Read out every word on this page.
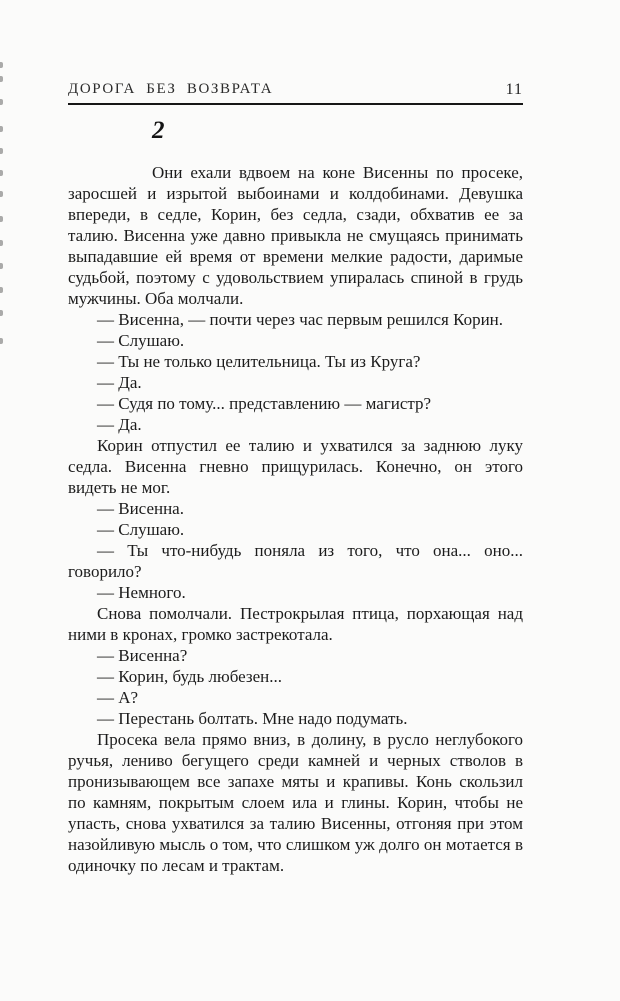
ДОРОГА БЕЗ ВОЗВРАТА	11
2

Они ехали вдвоем на коне Висенны по просеке, заросшей и изрытой выбоинами и колдобинами. Девушка впереди, в седле, Корин, без седла, сзади, обхватив ее за талию. Висенна уже давно привыкла не смущаясь принимать выпадавшие ей время от времени мелкие радости, даримые судьбой, поэтому с удовольствием упиралась спиной в грудь мужчины. Оба молчали.

— Висенна, — почти через час первым решился Корин.

— Слушаю.

— Ты не только целительница. Ты из Круга?

— Да.

— Судя по тому... представлению — магистр?

— Да.

Корин отпустил ее талию и ухватился за заднюю луку седла. Висенна гневно прищурилась. Конечно, он этого видеть не мог.

— Висенна.

— Слушаю.

— Ты что-нибудь поняла из того, что она... оно... говорило?

— Немного.

Снова помолчали. Пестрокрылая птица, порхающая над ними в кронах, громко застрекотала.

— Висенна?

— Корин, будь любезен...

— А?

— Перестань болтать. Мне надо подумать.

Просека вела прямо вниз, в долину, в русло неглубокого ручья, лениво бегущего среди камней и черных стволов в пронизывающем все запахе мяты и крапивы. Конь скользил по камням, покрытым слоем ила и глины. Корин, чтобы не упасть, снова ухватился за талию Висенны, отгоняя при этом назойливую мысль о том, что слишком уж долго он мотается в одиночку по лесам и трактам.
